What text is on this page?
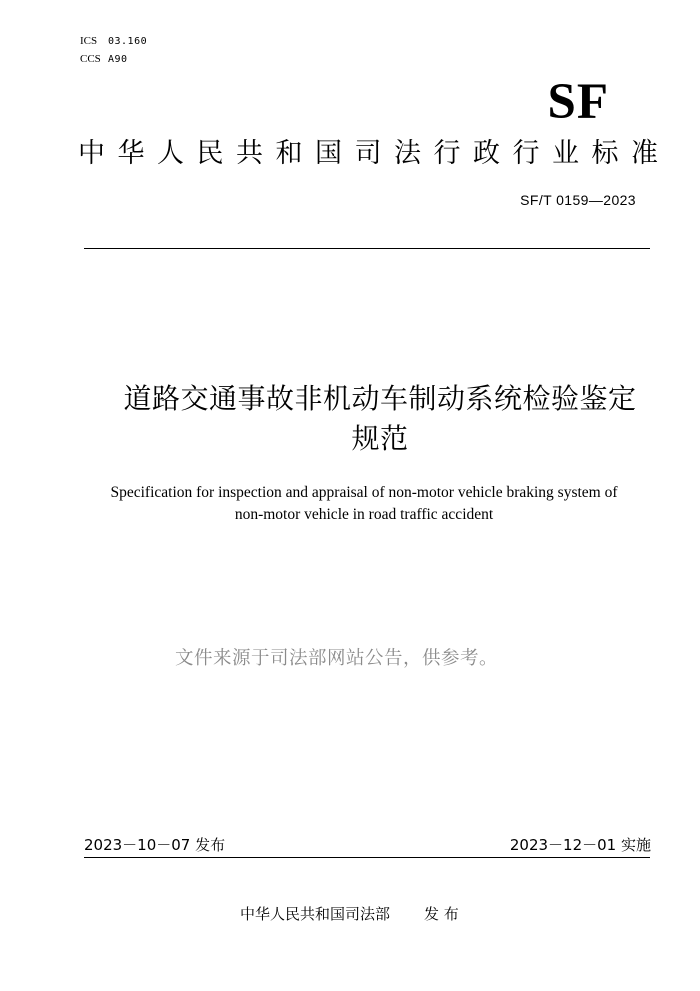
ICS 03.160
CCS A90
SF
中华人民共和国司法行政行业标准
SF/T 0159—2023
道路交通事故非机动车制动系统检验鉴定
规范
Specification for inspection and appraisal of non-motor vehicle braking system of
non-motor vehicle in road traffic accident
文件来源于司法部网站公告，供参考。
2023－10－07 发布	2023－12－01 实施
中华人民共和国司法部 发 布
